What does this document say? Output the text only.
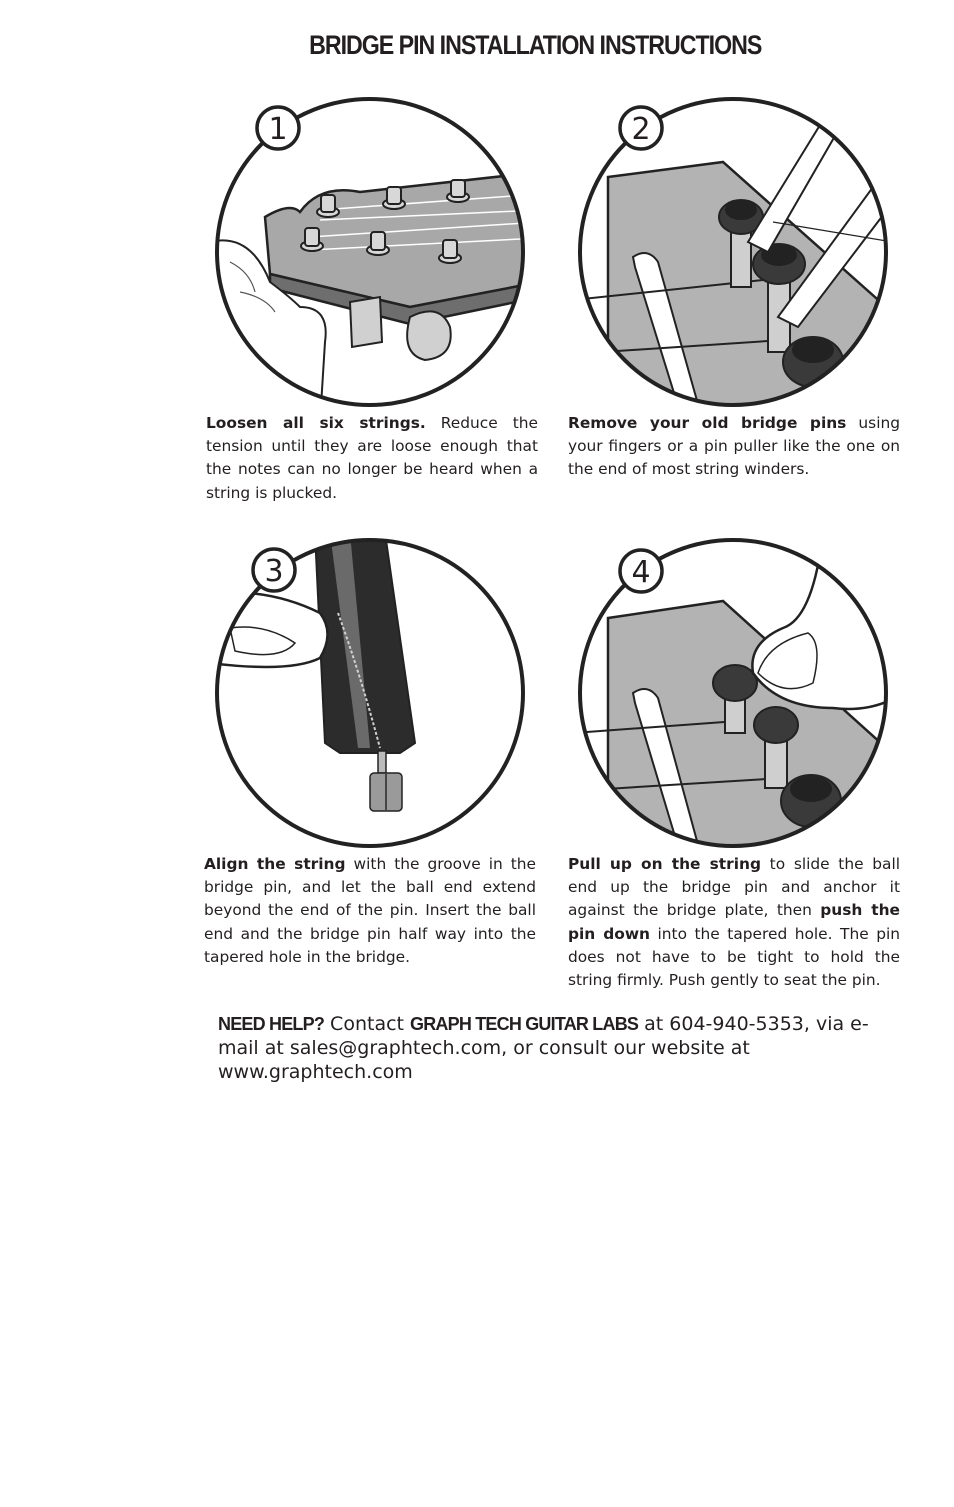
BRIDGE PIN INSTALLATION INSTRUCTIONS
1
Loosen all six strings. Reduce the tension until they are loose enough that the notes can no longer be heard when a string is plucked.
2
Remove your old bridge pins using your fingers or a pin puller like the one on the end of most string winders.
3
Align the string with the groove in the bridge pin, and let the ball end extend beyond the end of the pin. Insert the ball end and the bridge pin half way into the tapered hole in the bridge.
4
Pull up on the string to slide the ball end up the bridge pin and anchor it against the bridge plate, then push the pin down into the tapered hole. The pin does not have to be tight to hold the string firmly. Push gently to seat the pin.
NEED HELP? Contact GRAPH TECH GUITAR LABS at 604-940-5353, via e-mail at sales@graphtech.com, or consult our website at www.graphtech.com
